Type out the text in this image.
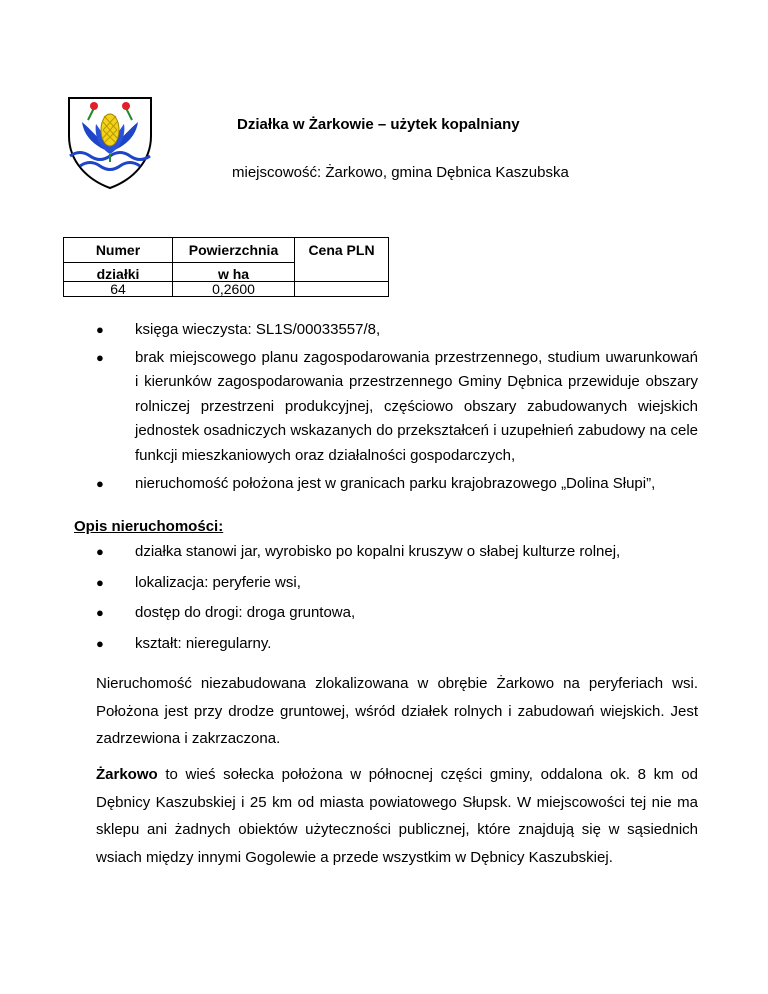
Działka w Żarkowie – użytek kopalniany
miejscowość: Żarkowo, gmina Dębnica Kaszubska
Numer	Powierzchnia	Cena PLN
działki	w ha	
64	0,2600	
● księga wieczysta: SL1S/00033557/8,
● brak miejscowego planu zagospodarowania przestrzennego, studium uwarunkowań i kierunków zagospodarowania przestrzennego Gminy Dębnica przewiduje obszary rolniczej przestrzeni produkcyjnej, częściowo obszary zabudowanych wiejskich jednostek osadniczych wskazanych do przekształceń i uzupełnień zabudowy na cele funkcji mieszkaniowych oraz działalności gospodarczych,
● nieruchomość położona jest w granicach parku krajobrazowego „Dolina Słupi”,
Opis nieruchomości:
● działka stanowi jar, wyrobisko po kopalni kruszyw o słabej kulturze rolnej,
● lokalizacja: peryferie wsi,
● dostęp do drogi: droga gruntowa,
● kształt: nieregularny.

Nieruchomość niezabudowana zlokalizowana w obrębie Żarkowo na peryferiach wsi. Położona jest przy drodze gruntowej, wśród działek rolnych i zabudowań wiejskich. Jest zadrzewiona i zakrzaczona.

Żarkowo to wieś sołecka położona w północnej części gminy, oddalona ok. 8 km od Dębnicy Kaszubskiej i 25 km od miasta powiatowego Słupsk. W miejscowości tej nie ma sklepu ani żadnych obiektów użyteczności publicznej, które znajdują się w sąsiednich wsiach między innymi Gogolewie a przede wszystkim w Dębnicy Kaszubskiej.
